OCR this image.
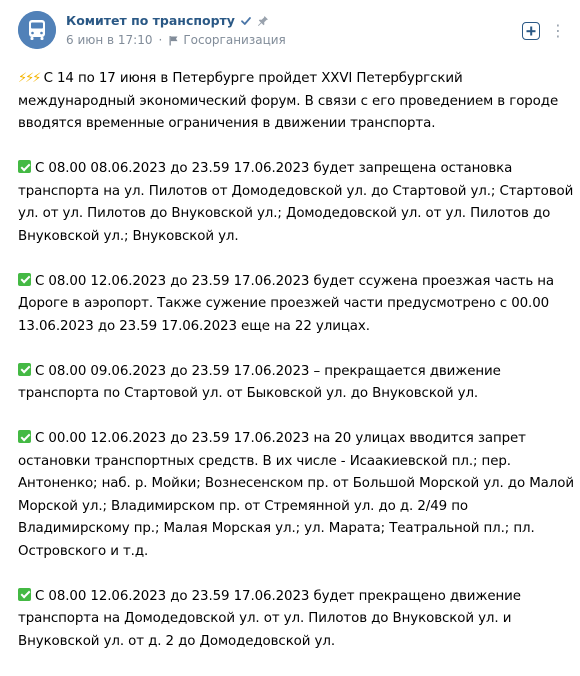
Комитет по транспорту
6 июн в 17:10 · Госорганизация	⋮

⚡⚡⚡ С 14 по 17 июня в Петербурге пройдет XXVI Петербургский международный экономический форум. В связи с его проведением в городе вводятся временные ограничения в движении транспорта.

С 08.00 08.06.2023 до 23.59 17.06.2023 будет запрещена остановка транспорта на ул. Пилотов от Домодедовской ул. до Стартовой ул.; Стартовой ул. от ул. Пилотов до Внуковской ул.; Домодедовской ул. от ул. Пилотов до Внуковской ул.; Внуковской ул.

С 08.00 12.06.2023 до 23.59 17.06.2023 будет ссужена проезжая часть на Дороге в аэропорт. Также сужение проезжей части предусмотрено с 00.00 13.06.2023 до 23.59 17.06.2023 еще на 22 улицах.

С 08.00 09.06.2023 до 23.59 17.06.2023 – прекращается движение транспорта по Стартовой ул. от Быковской ул. до Внуковской ул.

С 00.00 12.06.2023 до 23.59 17.06.2023 на 20 улицах вводится запрет остановки транспортных средств. В их числе - Исаакиевской пл.; пер. Антоненко; наб. р. Мойки; Вознесенском пр. от Большой Морской ул. до Малой Морской ул.; Владимирском пр. от Стремянной ул. до д. 2/49 по Владимирскому пр.; Малая Морская ул.; ул. Марата; Театральной пл.; пл. Островского и т.д.

С 08.00 12.06.2023 до 23.59 17.06.2023 будет прекращено движение транспорта на Домодедовской ул. от ул. Пилотов до Внуковской ул. и Внуковской ул. от д. 2 до Домодедовской ул.
